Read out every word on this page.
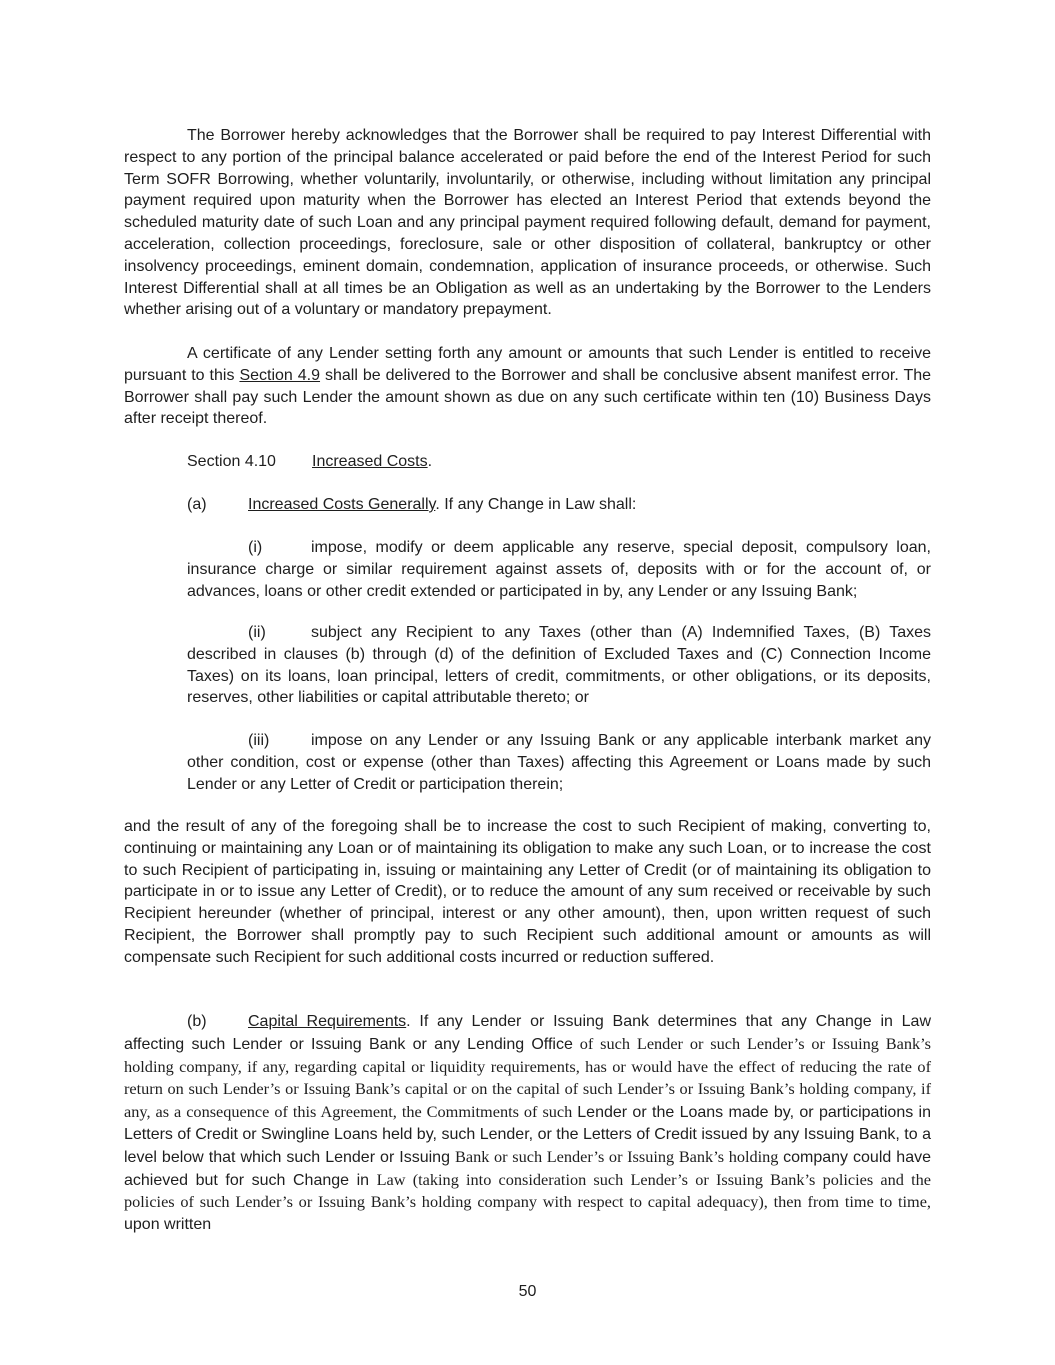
The Borrower hereby acknowledges that the Borrower shall be required to pay Interest Differential with respect to any portion of the principal balance accelerated or paid before the end of the Interest Period for such Term SOFR Borrowing, whether voluntarily, involuntarily, or otherwise, including without limitation any principal payment required upon maturity when the Borrower has elected an Interest Period that extends beyond the scheduled maturity date of such Loan and any principal payment required following default, demand for payment, acceleration, collection proceedings, foreclosure, sale or other disposition of collateral, bankruptcy or other insolvency proceedings, eminent domain, condemnation, application of insurance proceeds, or otherwise. Such Interest Differential shall at all times be an Obligation as well as an undertaking by the Borrower to the Lenders whether arising out of a voluntary or mandatory prepayment.

A certificate of any Lender setting forth any amount or amounts that such Lender is entitled to receive pursuant to this Section 4.9 shall be delivered to the Borrower and shall be conclusive absent manifest error. The Borrower shall pay such Lender the amount shown as due on any such certificate within ten (10) Business Days after receipt thereof.

Section 4.10 Increased Costs.

(a)	Increased Costs Generally. If any Change in Law shall:

(i)	impose, modify or deem applicable any reserve, special deposit, compulsory loan, insurance charge or similar requirement against assets of, deposits with or for the account of, or advances, loans or other credit extended or participated in by, any Lender or any Issuing Bank;

(ii)	subject any Recipient to any Taxes (other than (A) Indemnified Taxes, (B) Taxes described in clauses (b) through (d) of the definition of Excluded Taxes and (C) Connection Income Taxes) on its loans, loan principal, letters of credit, commitments, or other obligations, or its deposits, reserves, other liabilities or capital attributable thereto; or

(iii)	impose on any Lender or any Issuing Bank or any applicable interbank market any other condition, cost or expense (other than Taxes) affecting this Agreement or Loans made by such Lender or any Letter of Credit or participation therein;

and the result of any of the foregoing shall be to increase the cost to such Recipient of making, converting to, continuing or maintaining any Loan or of maintaining its obligation to make any such Loan, or to increase the cost to such Recipient of participating in, issuing or maintaining any Letter of Credit (or of maintaining its obligation to participate in or to issue any Letter of Credit), or to reduce the amount of any sum received or receivable by such Recipient hereunder (whether of principal, interest or any other amount), then, upon written request of such Recipient, the Borrower shall promptly pay to such Recipient such additional amount or amounts as will compensate such Recipient for such additional costs incurred or reduction suffered.

(b)	Capital Requirements. If any Lender or Issuing Bank determines that any Change in Law affecting such Lender or Issuing Bank or any Lending Office of such Lender or such Lender’s or Issuing Bank’s holding company, if any, regarding capital or liquidity requirements, has or would have the effect of reducing the rate of return on such Lender’s or Issuing Bank’s capital or on the capital of such Lender’s or Issuing Bank’s holding company, if any, as a consequence of this Agreement, the Commitments of such Lender or the Loans made by, or participations in Letters of Credit or Swingline Loans held by, such Lender, or the Letters of Credit issued by any Issuing Bank, to a level below that which such Lender or Issuing Bank or such Lender’s or Issuing Bank’s holding company could have achieved but for such Change in Law (taking into consideration such Lender’s or Issuing Bank’s policies and the policies of such Lender’s or Issuing Bank’s holding company with respect to capital adequacy), then from time to time, upon written

50
